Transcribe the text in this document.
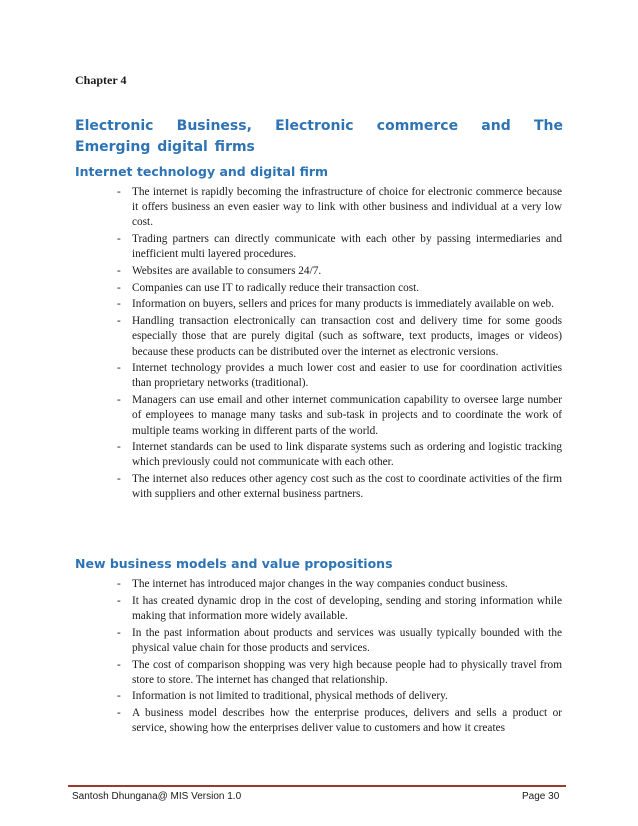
Chapter 4

Electronic Business, Electronic commerce and The Emerging digital firms
Internet technology and digital firm
- The internet is rapidly becoming the infrastructure of choice for electronic commerce because it offers business an even easier way to link with other business and individual at a very low cost.
- Trading partners can directly communicate with each other by passing intermediaries and inefficient multi layered procedures.
- Websites are available to consumers 24/7.
- Companies can use IT to radically reduce their transaction cost.
- Information on buyers, sellers and prices for many products is immediately available on web.
- Handling transaction electronically can transaction cost and delivery time for some goods especially those that are purely digital (such as software, text products, images or videos) because these products can be distributed over the internet as electronic versions.
- Internet technology provides a much lower cost and easier to use for coordination activities than proprietary networks (traditional).
- Managers can use email and other internet communication capability to oversee large number of employees to manage many tasks and sub-task in projects and to coordinate the work of multiple teams working in different parts of the world.
- Internet standards can be used to link disparate systems such as ordering and logistic tracking which previously could not communicate with each other.
- The internet also reduces other agency cost such as the cost to coordinate activities of the firm with suppliers and other external business partners.
New business models and value propositions
- The internet has introduced major changes in the way companies conduct business.
- It has created dynamic drop in the cost of developing, sending and storing information while making that information more widely available.
- In the past information about products and services was usually typically bounded with the physical value chain for those products and services.
- The cost of comparison shopping was very high because people had to physically travel from store to store. The internet has changed that relationship.
- Information is not limited to traditional, physical methods of delivery.
- A business model describes how the enterprise produces, delivers and sells a product or service, showing how the enterprises deliver value to customers and how it creates
Santosh Dhungana@ MIS Version 1.0	Page 30
